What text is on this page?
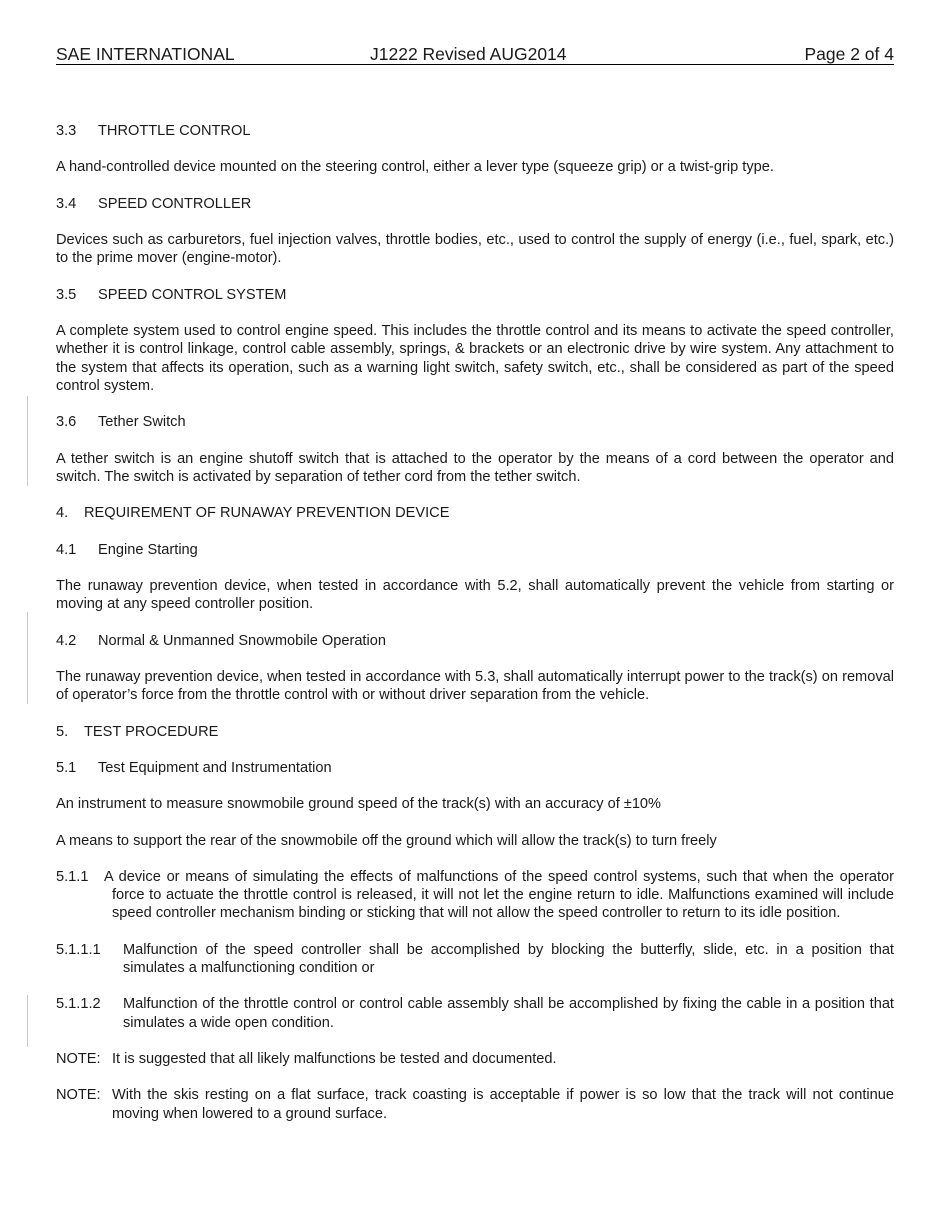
SAE INTERNATIONAL	J1222 Revised AUG2014	Page 2 of 4

3.3 THROTTLE CONTROL

A hand-controlled device mounted on the steering control, either a lever type (squeeze grip) or a twist-grip type.

3.4 SPEED CONTROLLER

Devices such as carburetors, fuel injection valves, throttle bodies, etc., used to control the supply of energy (i.e., fuel, spark, etc.) to the prime mover (engine-motor).

3.5 SPEED CONTROL SYSTEM

A complete system used to control engine speed. This includes the throttle control and its means to activate the speed controller, whether it is control linkage, control cable assembly, springs, & brackets or an electronic drive by wire system. Any attachment to the system that affects its operation, such as a warning light switch, safety switch, etc., shall be considered as part of the speed control system.

3.6 Tether Switch

A tether switch is an engine shutoff switch that is attached to the operator by the means of a cord between the operator and switch. The switch is activated by separation of tether cord from the tether switch.

4. REQUIREMENT OF RUNAWAY PREVENTION DEVICE

4.1 Engine Starting

The runaway prevention device, when tested in accordance with 5.2, shall automatically prevent the vehicle from starting or moving at any speed controller position.

4.2 Normal & Unmanned Snowmobile Operation

The runaway prevention device, when tested in accordance with 5.3, shall automatically interrupt power to the track(s) on removal of operator’s force from the throttle control with or without driver separation from the vehicle.

5. TEST PROCEDURE

5.1 Test Equipment and Instrumentation

An instrument to measure snowmobile ground speed of the track(s) with an accuracy of ±10%

A means to support the rear of the snowmobile off the ground which will allow the track(s) to turn freely

5.1.1 A device or means of simulating the effects of malfunctions of the speed control systems, such that when the operator force to actuate the throttle control is released, it will not let the engine return to idle. Malfunctions examined will include speed controller mechanism binding or sticking that will not allow the speed controller to return to its idle position.
5.1.1.1 Malfunction of the speed controller shall be accomplished by blocking the butterfly, slide, etc. in a position that simulates a malfunctioning condition or
5.1.1.2 Malfunction of the throttle control or control cable assembly shall be accomplished by fixing the cable in a position that simulates a wide open condition.
NOTE: It is suggested that all likely malfunctions be tested and documented.
NOTE: With the skis resting on a flat surface, track coasting is acceptable if power is so low that the track will not continue moving when lowered to a ground surface.
